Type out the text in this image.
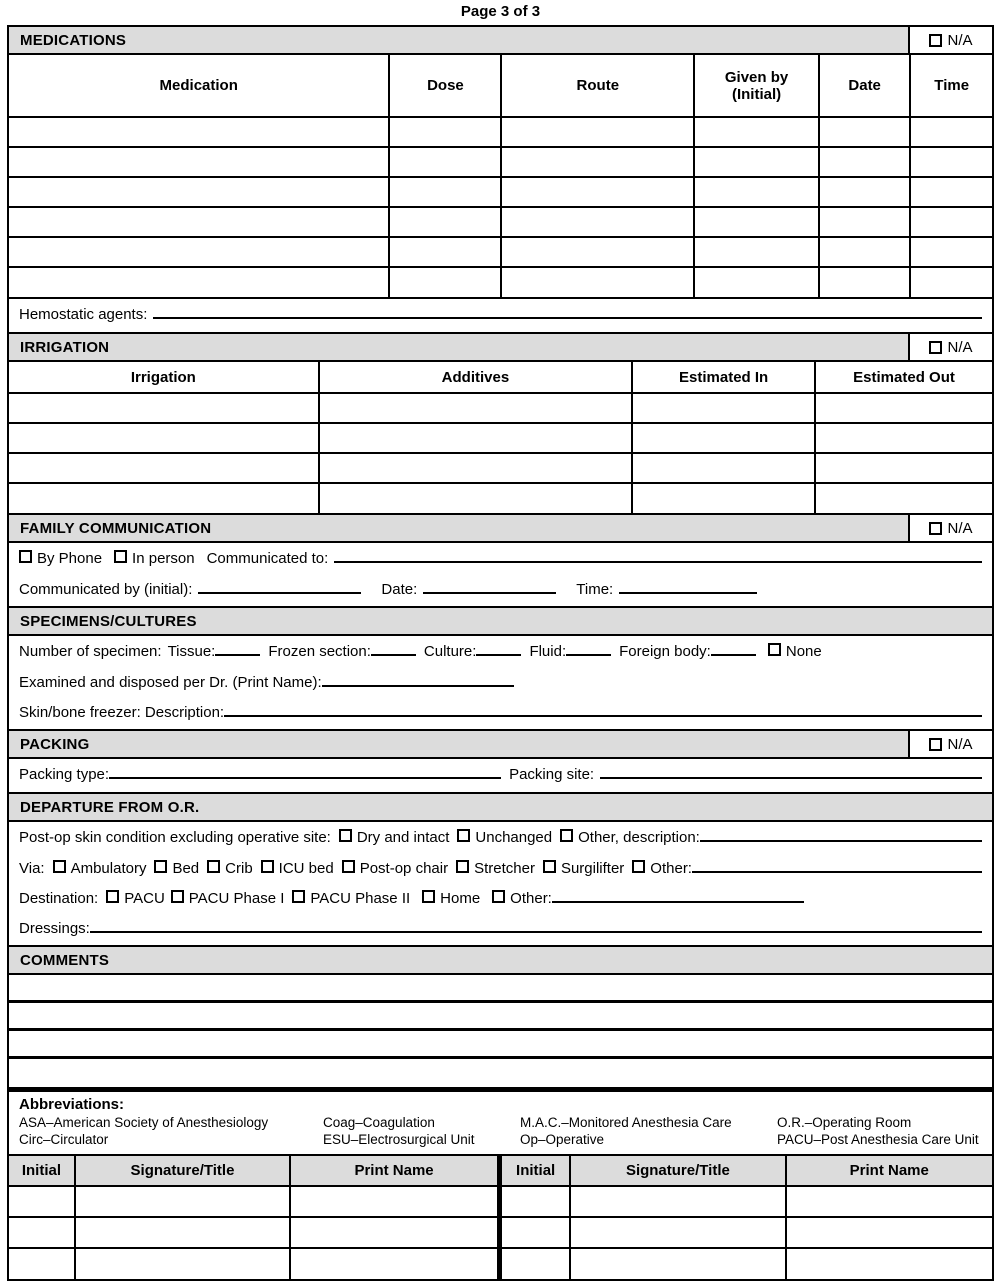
Page 3 of 3
MEDICATIONS	N/A
Medication	Dose	Route	Given by (Initial)	Date	Time

Hemostatic agents:
IRRIGATION	N/A
Irrigation	Additives	Estimated In	Estimated Out

FAMILY COMMUNICATION	N/A
By Phone In person Communicated to:
Communicated by (initial):	Date:	Time:
SPECIMENS/CULTURES
Number of specimen: Tissue:	Frozen section:	Culture:	Fluid:	Foreign body:	None
Examined and disposed per Dr. (Print Name):
Skin/bone freezer: Description:
PACKING	N/A
Packing type:	Packing site:
DEPARTURE FROM O.R.
Post-op skin condition excluding operative site: Dry and intact Unchanged Other, description:
Via: Ambulatory Bed Crib ICU bed Post-op chair Stretcher Surgilifter Other:
Destination: PACU PACU Phase I PACU Phase II Home Other:
Dressings:
COMMENTS
Abbreviations:
ASA–American Society of Anesthesiology
Circ–Circulator
Coag–Coagulation
ESU–Electrosurgical Unit
M.A.C.–Monitored Anesthesia Care
Op–Operative
O.R.–Operating Room
PACU–Post Anesthesia Care Unit
Initial	Signature/Title	Print Name	Initial	Signature/Title	Print Name
